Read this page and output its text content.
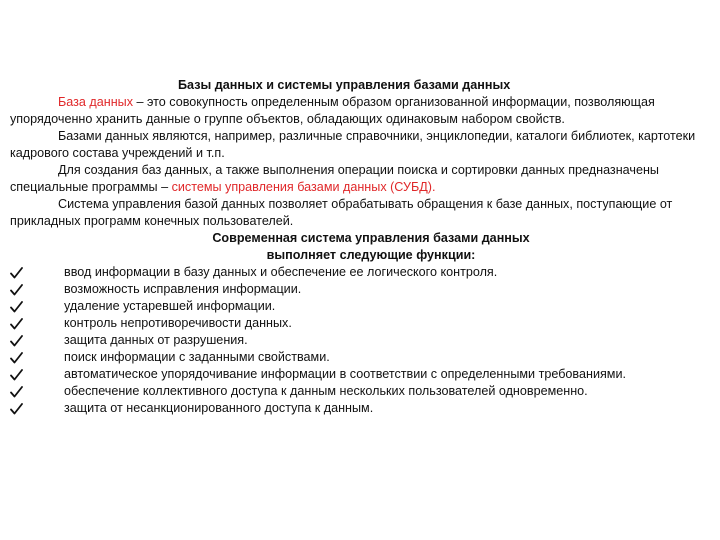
Базы данных и системы управления базами данных

База данных – это совокупность определенным образом организованной информации, позволяющая упорядоченно хранить данные о группе объектов, обладающих одинаковым набором свойств.

Базами данных являются, например, различные справочники, энциклопедии, каталоги библиотек, картотеки кадрового состава учреждений и т.п.

Для создания баз данных, а также выполнения операции поиска и сортировки данных предназначены специальные программы – системы управления базами данных (СУБД).

Система управления базой данных позволяет обрабатывать обращения к базе данных, поступающие от прикладных программ конечных пользователей.

Современная система управления базами данных
выполняет следующие функции:
ввод информации в базу данных и обеспечение ее логического контроля.
возможность исправления информации.
удаление устаревшей информации.
контроль непротиворечивости данных.
защита данных от разрушения.
поиск информации с заданными свойствами.
автоматическое упорядочивание информации в соответствии с определенными требованиями.
обеспечение коллективного доступа к данным нескольких пользователей одновременно.
защита от несанкционированного доступа к данным.
